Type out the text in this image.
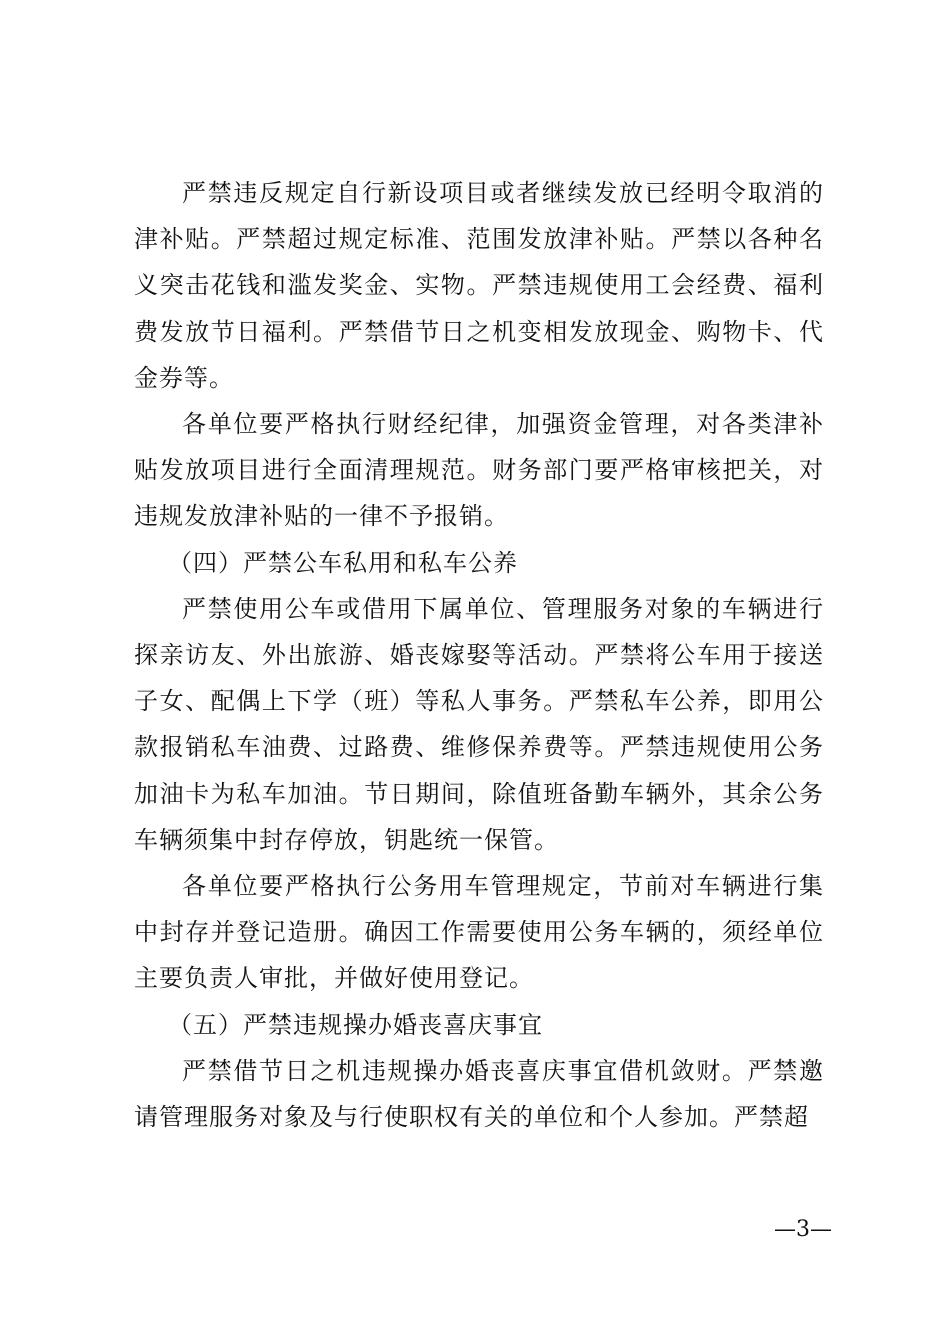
严禁违反规定自行新设项目或者继续发放已经明令取消的津补贴。严禁超过规定标准、范围发放津补贴。严禁以各种名义突击花钱和滥发奖金、实物。严禁违规使用工会经费、福利费发放节日福利。严禁借节日之机变相发放现金、购物卡、代金券等。

各单位要严格执行财经纪律，加强资金管理，对各类津补贴发放项目进行全面清理规范。财务部门要严格审核把关，对违规发放津补贴的一律不予报销。

（四）严禁公车私用和私车公养

严禁使用公车或借用下属单位、管理服务对象的车辆进行探亲访友、外出旅游、婚丧嫁娶等活动。严禁将公车用于接送子女、配偶上下学（班）等私人事务。严禁私车公养，即用公款报销私车油费、过路费、维修保养费等。严禁违规使用公务加油卡为私车加油。节日期间，除值班备勤车辆外，其余公务车辆须集中封存停放，钥匙统一保管。

各单位要严格执行公务用车管理规定，节前对车辆进行集中封存并登记造册。确因工作需要使用公务车辆的，须经单位主要负责人审批，并做好使用登记。

（五）严禁违规操办婚丧喜庆事宜

严禁借节日之机违规操办婚丧喜庆事宜借机敛财。严禁邀请管理服务对象及与行使职权有关的单位和个人参加。严禁超

—3—
